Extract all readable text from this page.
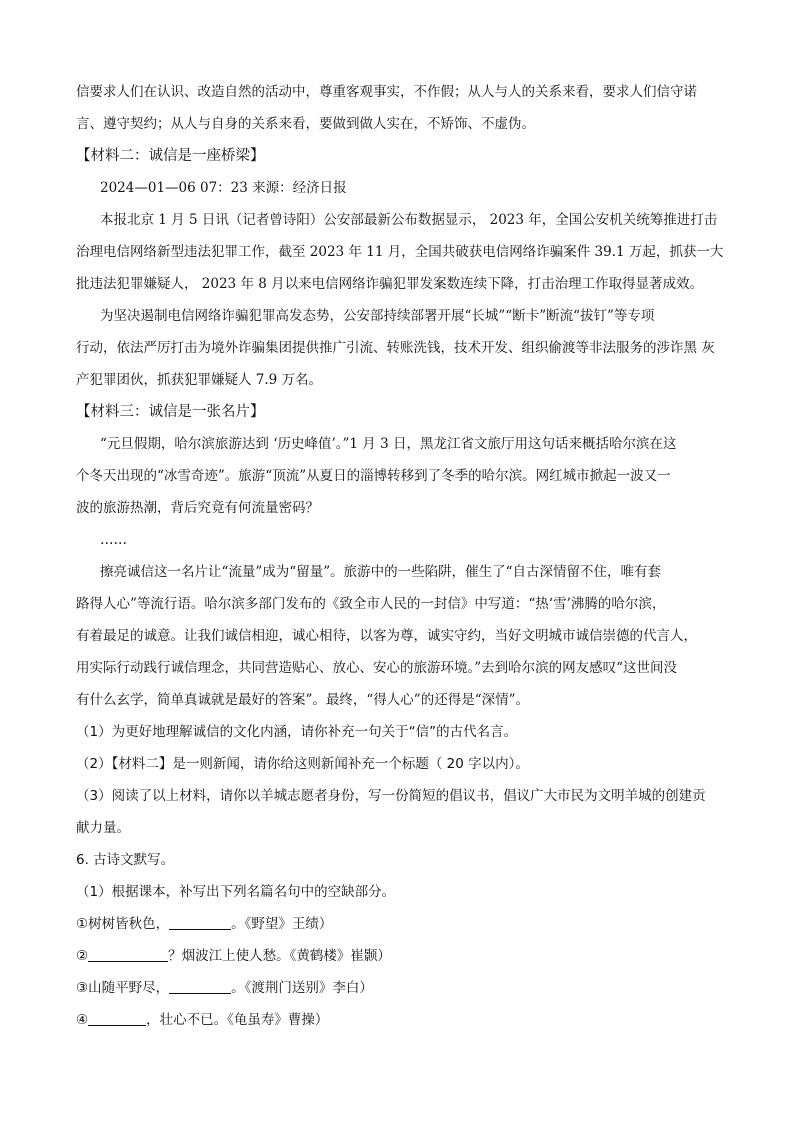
信要求人们在认识、改造自然的活动中，尊重客观事实，不作假；从人与人的关系来看，要求人们信守诺
言、遵守契约；从人与自身的关系来看，要做到做人实在，不矫饰、不虚伪。
【材料二：诚信是一座桥梁】
2024—01—06 07：23 来源：经济日报
本报北京 1 月 5 日讯（记者曾诗阳）公安部最新公布数据显示， 2023 年，全国公安机关统筹推进打击
治理电信网络新型违法犯罪工作，截至 2023 年 11 月，全国共破获电信网络诈骗案件 39.1 万起，抓获一大
批违法犯罪嫌疑人， 2023 年 8 月以来电信网络诈骗犯罪发案数连续下降，打击治理工作取得显著成效。
为坚决遏制电信网络诈骗犯罪高发态势，公安部持续部署开展“长城”“断卡”断流“拔钉”等专项
行动，依法严厉打击为境外诈骗集团提供推广引流、转账洗钱，技术开发、组织偷渡等非法服务的涉诈黑 灰
产犯罪团伙，抓获犯罪嫌疑人 7.9 万名。
【材料三：诚信是一张名片】
“元旦假期，哈尔滨旅游达到 ‘历史峰值’。”1 月 3 日，黑龙江省文旅厅用这句话来概括哈尔滨在这
个冬天出现的“冰雪奇迹”。旅游“顶流”从夏日的淄博转移到了冬季的哈尔滨。网红城市掀起一波又一
波的旅游热潮，背后究竟有何流量密码？
……
擦亮诚信这一名片让“流量”成为“留量”。旅游中的一些陷阱，催生了“自古深情留不住，唯有套
路得人心”等流行语。哈尔滨多部门发布的《致全市人民的一封信》中写道：“热‘雪’沸腾的哈尔滨，
有着最足的诚意。让我们诚信相迎，诚心相待，以客为尊，诚实守约，当好文明城市诚信崇德的代言人，
用实际行动践行诚信理念，共同营造贴心、放心、安心的旅游环境。”去到哈尔滨的网友感叹“这世间没
有什么玄学，简单真诚就是最好的答案”。最终，“得人心”的还得是“深情”。
（1）为更好地理解诚信的文化内涵，请你补充一句关于“信”的古代名言。
（2）【材料二】是一则新闻，请你给这则新闻补充一个标题（ 20 字以内）。
（3）阅读了以上材料，请你以羊城志愿者身份，写一份简短的倡议书，倡议广大市民为文明羊城的创建贡
献力量。
6. 古诗文默写。
（1）根据课本，补写出下列名篇名句中的空缺部分。
①树树皆秋色，	。《野望》王绩）
②	？烟波江上使人愁。《黄鹤楼》崔颢）
③山随平野尽，	。《渡荆门送别》李白）
④	，壮心不已。《龟虽寿》曹操）
